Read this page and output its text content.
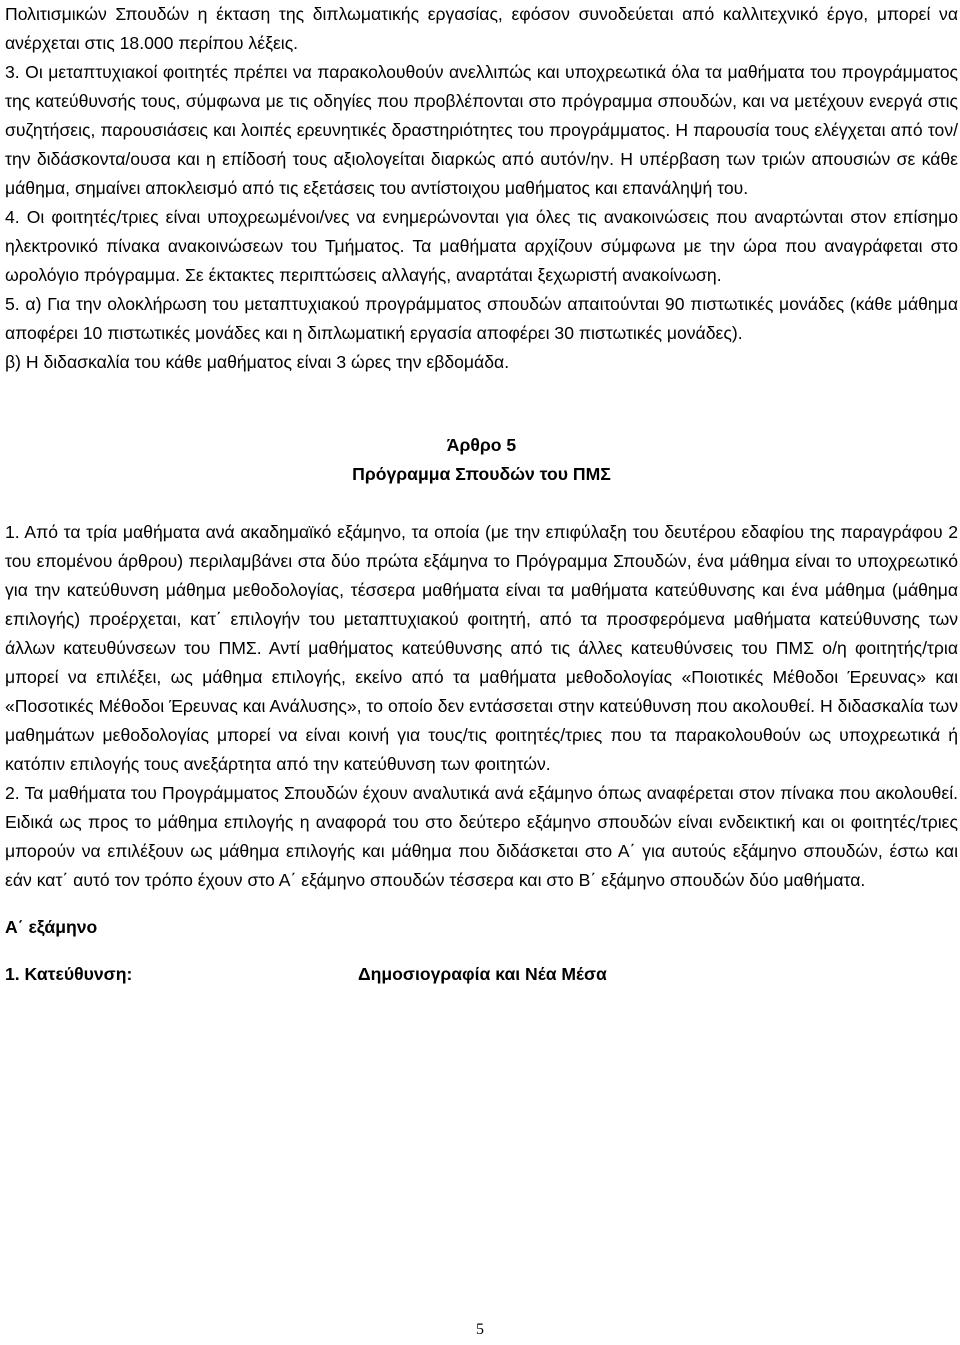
Πολιτισμικών Σπουδών η έκταση της διπλωματικής εργασίας, εφόσον συνοδεύεται από καλλιτεχνικό έργο, μπορεί να ανέρχεται στις 18.000 περίπου λέξεις.

3. Οι μεταπτυχιακοί φοιτητές πρέπει να παρακολουθούν ανελλιπώς και υποχρεωτικά όλα τα μαθήματα του προγράμματος της κατεύθυνσής τους, σύμφωνα με τις οδηγίες που προβλέπονται στο πρόγραμμα σπουδών, και να μετέχουν ενεργά στις συζητήσεις, παρουσιάσεις και λοιπές ερευνητικές δραστηριότητες του προγράμματος. Η παρουσία τους ελέγχεται από τον/την διδάσκοντα/ουσα και η επίδοσή τους αξιολογείται διαρκώς από αυτόν/ην. Η υπέρβαση των τριών απουσιών σε κάθε μάθημα, σημαίνει αποκλεισμό από τις εξετάσεις του αντίστοιχου μαθήματος και επανάληψή του.

4. Οι φοιτητές/τριες είναι υποχρεωμένοι/νες να ενημερώνονται για όλες τις ανακοινώσεις που αναρτώνται στον επίσημο ηλεκτρονικό πίνακα ανακοινώσεων του Τμήματος. Τα μαθήματα αρχίζουν σύμφωνα με την ώρα που αναγράφεται στο ωρολόγιο πρόγραμμα. Σε έκτακτες περιπτώσεις αλλαγής, αναρτάται ξεχωριστή ανακοίνωση.

5. α) Για την ολοκλήρωση του μεταπτυχιακού προγράμματος σπουδών απαιτούνται 90 πιστωτικές μονάδες (κάθε μάθημα αποφέρει 10 πιστωτικές μονάδες και η διπλωματική εργασία αποφέρει 30 πιστωτικές μονάδες).

β) Η διδασκαλία του κάθε μαθήματος είναι 3 ώρες την εβδομάδα.

Άρθρο 5

Πρόγραμμα Σπουδών του ΠΜΣ

1. Από τα τρία μαθήματα ανά ακαδημαϊκό εξάμηνο, τα οποία (με την επιφύλαξη του δευτέρου εδαφίου της παραγράφου 2 του επομένου άρθρου) περιλαμβάνει στα δύο πρώτα εξάμηνα το Πρόγραμμα Σπουδών, ένα μάθημα είναι το υποχρεωτικό για την κατεύθυνση μάθημα μεθοδολογίας, τέσσερα μαθήματα είναι τα μαθήματα κατεύθυνσης και ένα μάθημα (μάθημα επιλογής) προέρχεται, κατ΄ επιλογήν του μεταπτυχιακού φοιτητή, από τα προσφερόμενα μαθήματα κατεύθυνσης των άλλων κατευθύνσεων του ΠΜΣ. Αντί μαθήματος κατεύθυνσης από τις άλλες κατευθύνσεις του ΠΜΣ ο/η φοιτητής/τρια μπορεί να επιλέξει, ως μάθημα επιλογής, εκείνο από τα μαθήματα μεθοδολογίας «Ποιοτικές Μέθοδοι Έρευνας» και «Ποσοτικές Μέθοδοι Έρευνας και Ανάλυσης», το οποίο δεν εντάσσεται στην κατεύθυνση που ακολουθεί. Η διδασκαλία των μαθημάτων μεθοδολογίας μπορεί να είναι κοινή για τους/τις φοιτητές/τριες που τα παρακολουθούν ως υποχρεωτικά ή κατόπιν επιλογής τους ανεξάρτητα από την κατεύθυνση των φοιτητών.

2. Τα μαθήματα του Προγράμματος Σπουδών έχουν αναλυτικά ανά εξάμηνο όπως αναφέρεται στον πίνακα που ακολουθεί. Ειδικά ως προς το μάθημα επιλογής η αναφορά του στο δεύτερο εξάμηνο σπουδών είναι ενδεικτική και οι φοιτητές/τριες μπορούν να επιλέξουν ως μάθημα επιλογής και μάθημα που διδάσκεται στο Α΄ για αυτούς εξάμηνο σπουδών, έστω και εάν κατ΄ αυτό τον τρόπο έχουν στο Α΄ εξάμηνο σπουδών τέσσερα και στο Β΄ εξάμηνο σπουδών δύο μαθήματα.

Α΄ εξάμηνο

1. Κατεύθυνση:	Δημοσιογραφία και Νέα Μέσα
5
